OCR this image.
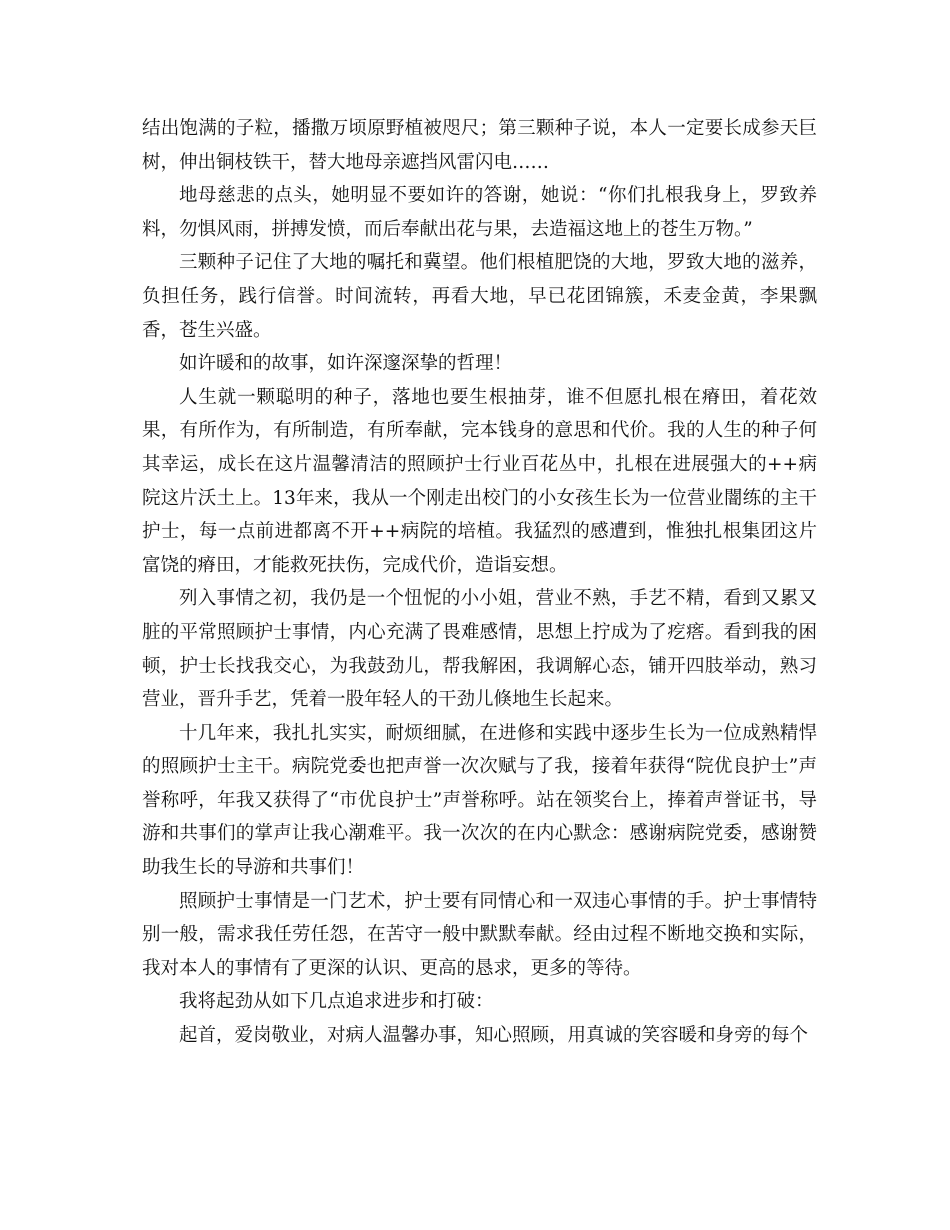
结出饱满的子粒，播撒万顷原野植被咫尺；第三颗种子说，本人一定要长成参天巨树，伸出铜枝铁干，替大地母亲遮挡风雷闪电……

地母慈悲的点头，她明显不要如许的答谢，她说：“你们扎根我身上，罗致养料，勿惧风雨，拼搏发愤，而后奉献出花与果，去造福这地上的苍生万物。”

三颗种子记住了大地的嘱托和冀望。他们根植肥饶的大地，罗致大地的滋养，负担任务，践行信誉。时间流转，再看大地，早已花团锦簇，禾麦金黄，李果飘香，苍生兴盛。

如许暖和的故事，如许深邃深挚的哲理！

人生就一颗聪明的种子，落地也要生根抽芽，谁不但愿扎根在瘠田，着花效果，有所作为，有所制造，有所奉献，完本钱身的意思和代价。我的人生的种子何其幸运，成长在这片温馨清洁的照顾护士行业百花丛中，扎根在进展强大的++病院这片沃土上。13年来，我从一个刚走出校门的小女孩生长为一位营业闇练的主干护士，每一点前进都离不开++病院的培植。我猛烈的感遭到，惟独扎根集团这片富饶的瘠田，才能救死扶伤，完成代价，造诣妄想。

列入事情之初，我仍是一个忸怩的小小姐，营业不熟，手艺不精，看到又累又脏的平常照顾护士事情，内心充满了畏难感情，思想上拧成为了疙瘩。看到我的困顿，护士长找我交心，为我鼓劲儿，帮我解困，我调解心态，铺开四肢举动，熟习营业，晋升手艺，凭着一股年轻人的干劲儿倏地生长起来。

十几年来，我扎扎实实，耐烦细腻，在进修和实践中逐步生长为一位成熟精悍的照顾护士主干。病院党委也把声誉一次次赋与了我，接着年获得“院优良护士”声誉称呼，年我又获得了“市优良护士”声誉称呼。站在领奖台上，捧着声誉证书，导游和共事们的掌声让我心潮难平。我一次次的在内心默念：感谢病院党委，感谢赞助我生长的导游和共事们！

照顾护士事情是一门艺术，护士要有同情心和一双违心事情的手。护士事情特别一般，需求我任劳任怨，在苦守一般中默默奉献。经由过程不断地交换和实际，我对本人的事情有了更深的认识、更高的恳求，更多的等待。

我将起劲从如下几点追求进步和打破：

起首，爱岗敬业，对病人温馨办事，知心照顾，用真诚的笑容暖和身旁的每个
